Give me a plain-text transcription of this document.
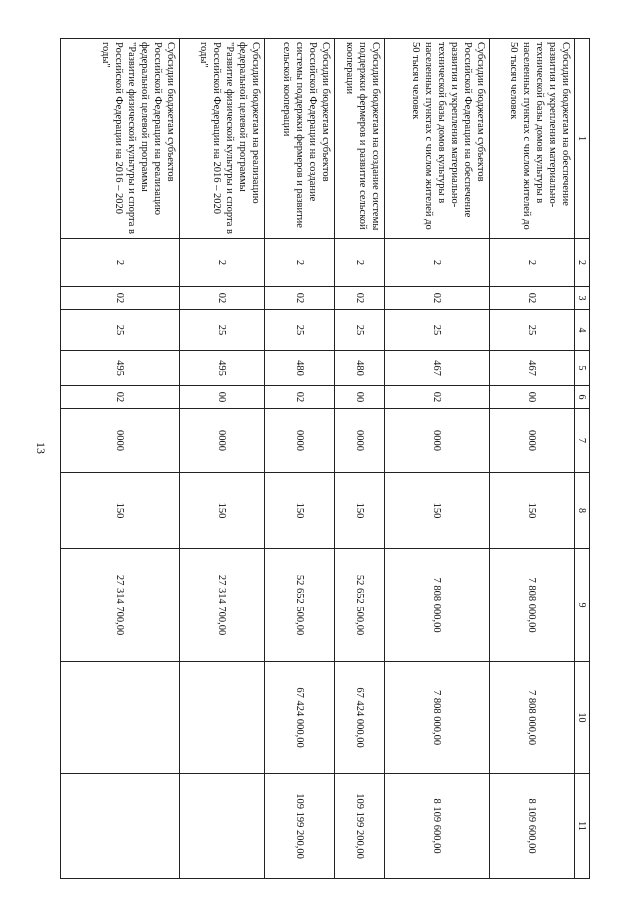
13
1	2	3	4	5	6	7	8	9	10	11
Субсидии бюджетам на обеспечение развития и укрепления материально-технической базы домов культуры в населенных пунктах с числом жителей до 50 тысяч человек	2	02	25	467	00	0000	150	7 808 000,00	7 808 000,00	8 109 600,00
Субсидии бюджетам субъектов Российской Федерации на обеспечение развития и укрепления материально-технической базы домов культуры в населенных пунктах с числом жителей до 50 тысяч человек	2	02	25	467	02	0000	150	7 808 000,00	7 808 000,00	8 109 600,00
Субсидии бюджетам на создание системы поддержки фермеров и развитие сельской кооперации	2	02	25	480	00	0000	150	52 652 500,00	67 424 000,00	109 199 200,00
Субсидии бюджетам субъектов Российской Федерации на создание системы поддержки фермеров и развитие сельской кооперации	2	02	25	480	02	0000	150	52 652 500,00	67 424 000,00	109 199 200,00
Субсидии бюджетам на реализацию федеральной целевой программы "Развитие физической культуры и спорта в Российской Федерации на 2016 – 2020 годы"	2	02	25	495	00	0000	150	27 314 700,00		
Субсидии бюджетам субъектов Российской Федерации на реализацию федеральной целевой программы "Развитие физической культуры и спорта в Российской Федерации на 2016 – 2020 годы"	2	02	25	495	02	0000	150	27 314 700,00		
